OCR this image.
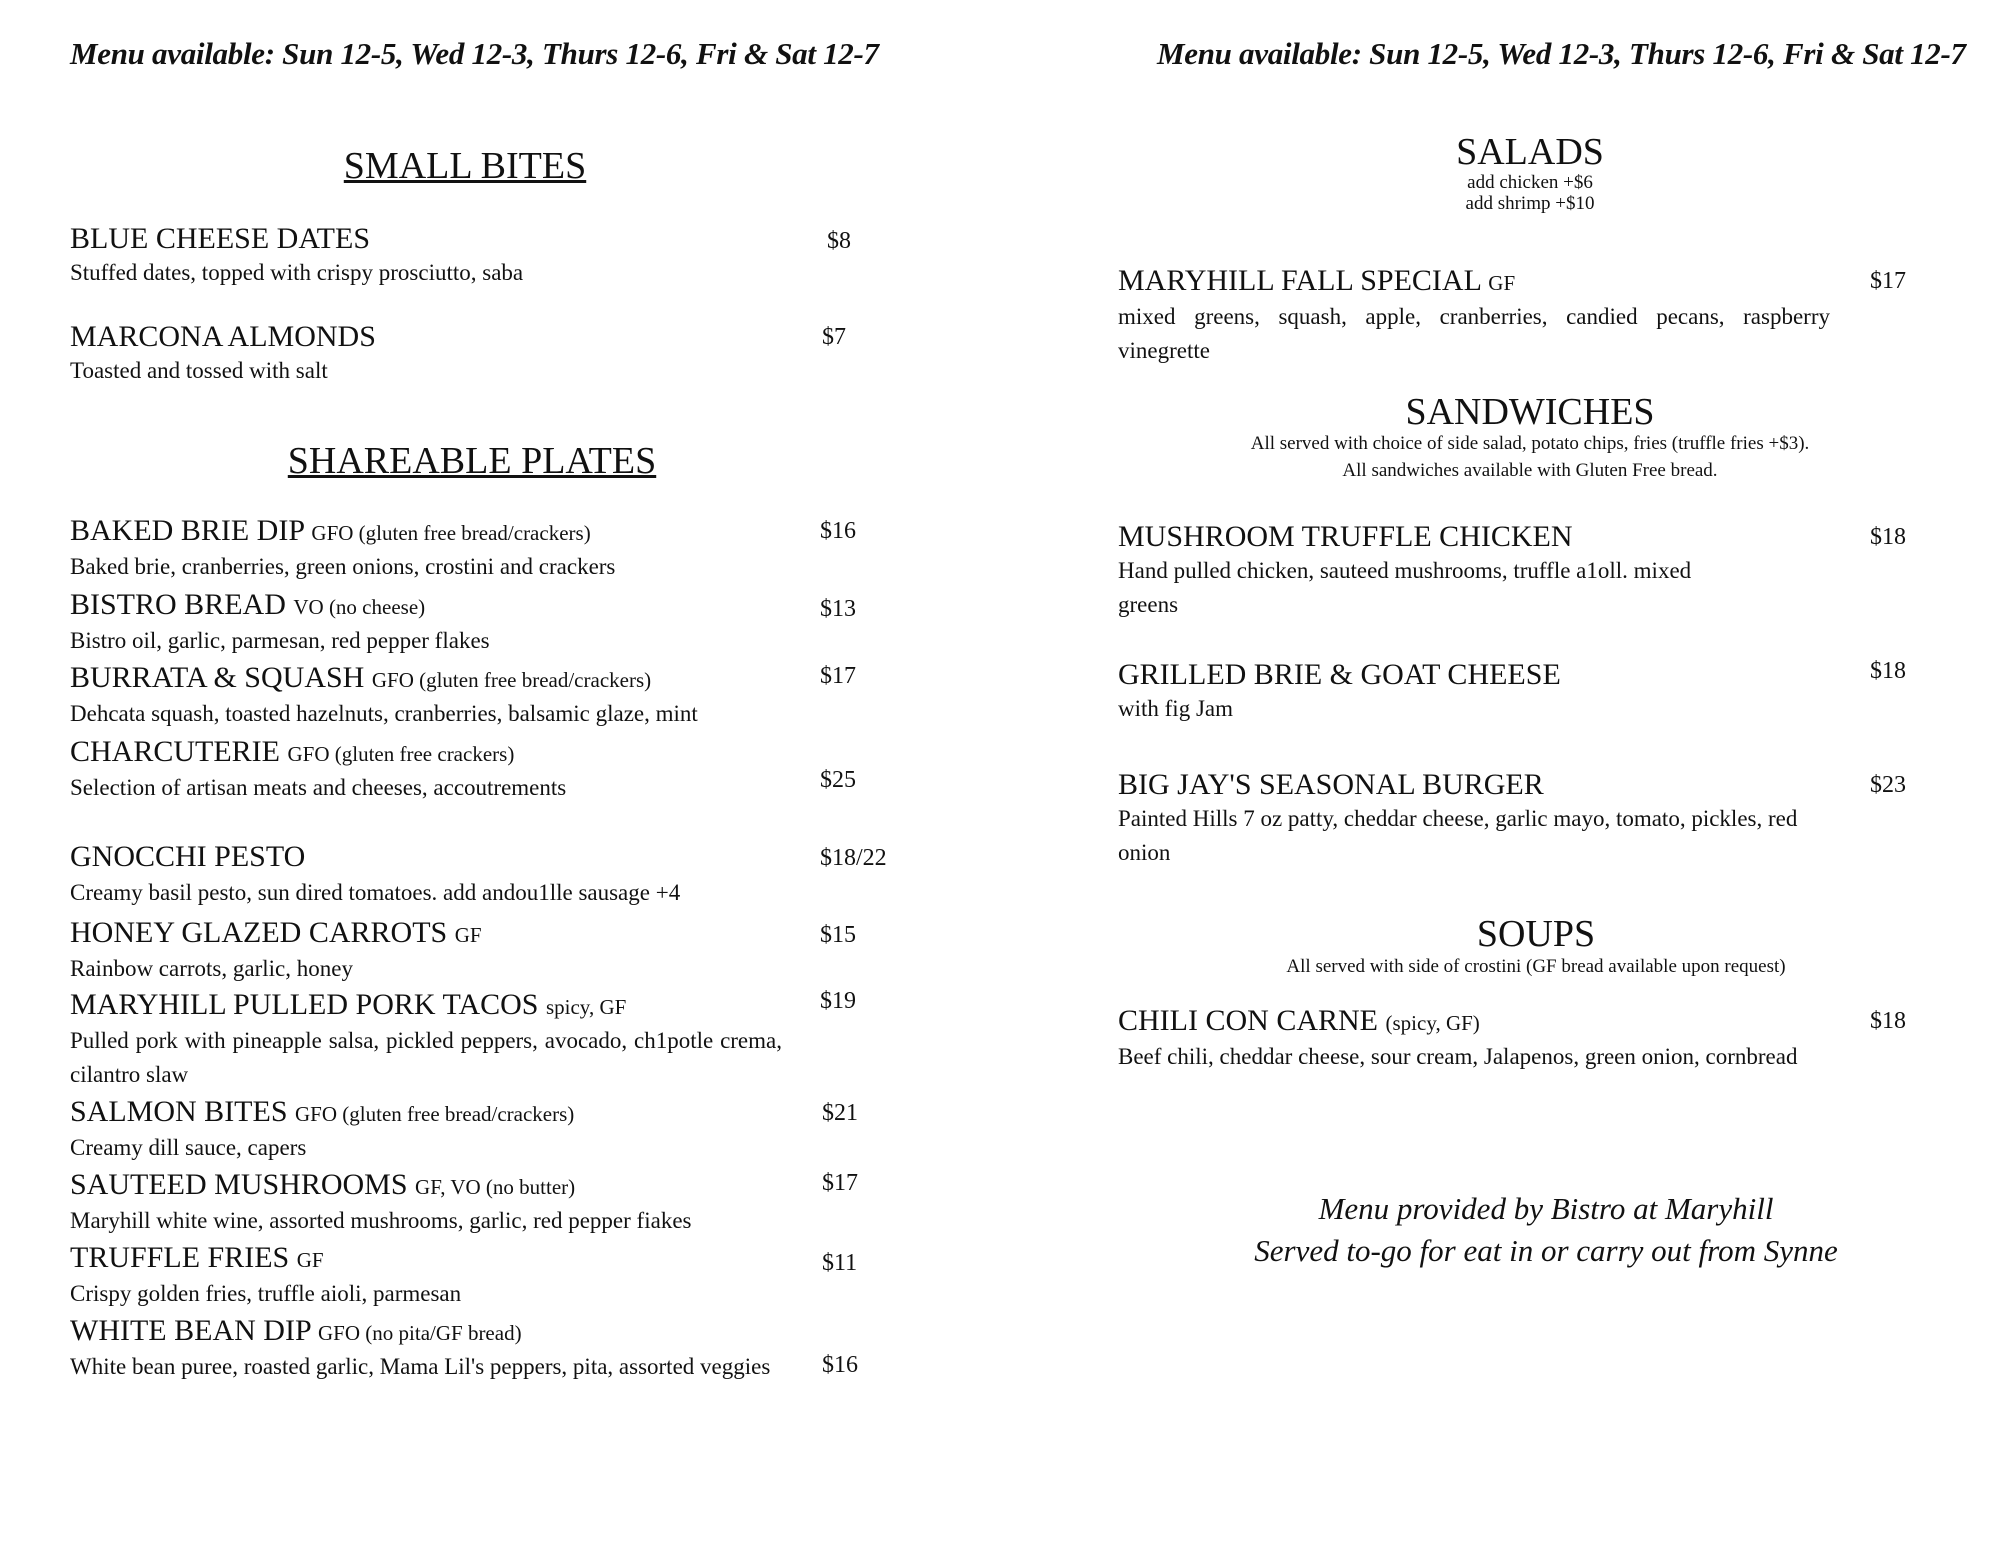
Menu available: Sun 12-5, Wed 12-3, Thurs 12-6, Fri & Sat 12-7	Menu available: Sun 12-5, Wed 12-3, Thurs 12-6, Fri & Sat 12-7
SMALL BITES
BLUE CHEESE DATES
Stuffed dates, topped with crispy prosciutto, saba
$8
MARCONA ALMONDS
Toasted and tossed with salt
$7
SHAREABLE PLATES
BAKED BRIE DIP GFO (gluten free bread/crackers)
Baked brie, cranberries, green onions, crostini and crackers
$16
BISTRO BREAD VO (no cheese)
Bistro oil, garlic, parmesan, red pepper flakes
$13
BURRATA & SQUASH GFO (gluten free bread/crackers)
Dehcata squash, toasted hazelnuts, cranberries, balsamic glaze, mint
$17
CHARCUTERIE GFO (gluten free crackers)
Selection of artisan meats and cheeses, accoutrements	$25
GNOCCHI PESTO
Creamy basil pesto, sun dired tomatoes. add andou1lle sausage +4
$18/22
HONEY GLAZED CARROTS GF
Rainbow carrots, garlic, honey
$15
MARYHILL PULLED PORK TACOS spicy, GF
Pulled pork with pineapple salsa, pickled peppers, avocado, ch1potle crema, cilantro slaw
$19
SALMON BITES GFO (gluten free bread/crackers)
Creamy dill sauce, capers
$21
SAUTEED MUSHROOMS GF, VO (no butter)
Maryhill white wine, assorted mushrooms, garlic, red pepper fiakes
$17
TRUFFLE FRIES GF
Crispy golden fries, truffle aioli, parmesan
$11
WHITE BEAN DIP GFO (no pita/GF bread)
White bean puree, roasted garlic, Mama Lil's peppers, pita, assorted veggies	$16
SALADS
add chicken +$6
add shrimp +$10
MARYHILL FALL SPECIAL GF
mixed greens, squash, apple, cranberries, candied pecans, raspberry vinegrette
$17
SANDWICHES
All served with choice of side salad, potato chips, fries (truffle fries +$3).
All sandwiches available with Gluten Free bread.
MUSHROOM TRUFFLE CHICKEN
Hand pulled chicken, sauteed mushrooms, truffle a1oll. mixed greens
$18
GRILLED BRIE & GOAT CHEESE
with fig Jam
$18
BIG JAY'S SEASONAL BURGER
Painted Hills 7 oz patty, cheddar cheese, garlic mayo, tomato, pickles, red onion
$23
SOUPS
All served with side of crostini (GF bread available upon request)
CHILI CON CARNE (spicy, GF)
Beef chili, cheddar cheese, sour cream, Jalapenos, green onion, cornbread
$18
Menu provided by Bistro at Maryhill
Served to-go for eat in or carry out from Synne
